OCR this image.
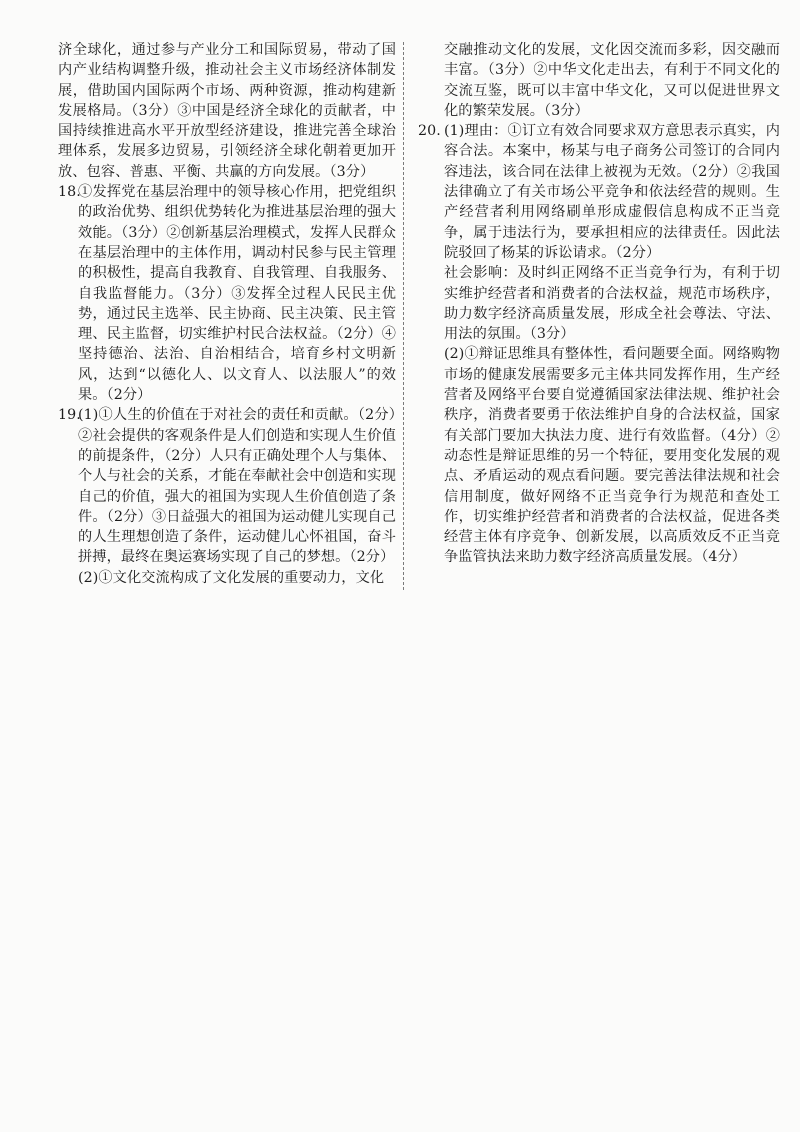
济全球化，通过参与产业分工和国际贸易，带动了国内产业结构调整升级，推动社会主义市场经济体制发展，借助国内国际两个市场、两种资源，推动构建新发展格局。（3分）③中国是经济全球化的贡献者，中国持续推进高水平开放型经济建设，推进完善全球治理体系，发展多边贸易，引领经济全球化朝着更加开放、包容、普惠、平衡、共赢的方向发展。（3分）

18.
①发挥党在基层治理中的领导核心作用，把党组织的政治优势、组织优势转化为推进基层治理的强大效能。（3分）②创新基层治理模式，发挥人民群众在基层治理中的主体作用，调动村民参与民主管理的积极性，提高自我教育、自我管理、自我服务、自我监督能力。（3分）③发挥全过程人民民主优势，通过民主选举、民主协商、民主决策、民主管理、民主监督，切实维护村民合法权益。（2分）④坚持德治、法治、自治相结合，培育乡村文明新风，达到“以德化人、以文育人、以法服人”的效果。（2分）
19.
(1)①人生的价值在于对社会的责任和贡献。（2分）②社会提供的客观条件是人们创造和实现人生价值的前提条件，（2分）人只有正确处理个人与集体、个人与社会的关系，才能在奉献社会中创造和实现自己的价值，强大的祖国为实现人生价值创造了条件。（2分）③日益强大的祖国为运动健儿实现自己的人生理想创造了条件，运动健儿心怀祖国，奋斗拼搏，最终在奥运赛场实现了自己的梦想。（2分）

(2)①文化交流构成了文化发展的重要动力，文化

交融推动文化的发展，文化因交流而多彩，因交融而丰富。（3分）②中华文化走出去，有利于不同文化的交流互鉴，既可以丰富中华文化，又可以促进世界文化的繁荣发展。（3分）

20. (1)理由：①订立有效合同要求双方意思表示真实，内容合法。本案中，杨某与电子商务公司签订的合同内容违法，该合同在法律上被视为无效。（2分）②我国法律确立了有关市场公平竞争和依法经营的规则。生产经营者利用网络刷单形成虚假信息构成不正当竞争，属于违法行为，要承担相应的法律责任。因此法院驳回了杨某的诉讼请求。（2分）

社会影响：及时纠正网络不正当竞争行为，有利于切实维护经营者和消费者的合法权益，规范市场秩序，助力数字经济高质量发展，形成全社会尊法、守法、用法的氛围。（3分）

(2)①辩证思维具有整体性，看问题要全面。网络购物市场的健康发展需要多元主体共同发挥作用，生产经营者及网络平台要自觉遵循国家法律法规、维护社会秩序，消费者要勇于依法维护自身的合法权益，国家有关部门要加大执法力度、进行有效监督。（4分）②动态性是辩证思维的另一个特征，要用变化发展的观点、矛盾运动的观点看问题。要完善法律法规和社会信用制度，做好网络不正当竞争行为规范和查处工作，切实维护经营者和消费者的合法权益，促进各类经营主体有序竞争、创新发展，以高质效反不正当竞争监管执法来助力数字经济高质量发展。（4分）
